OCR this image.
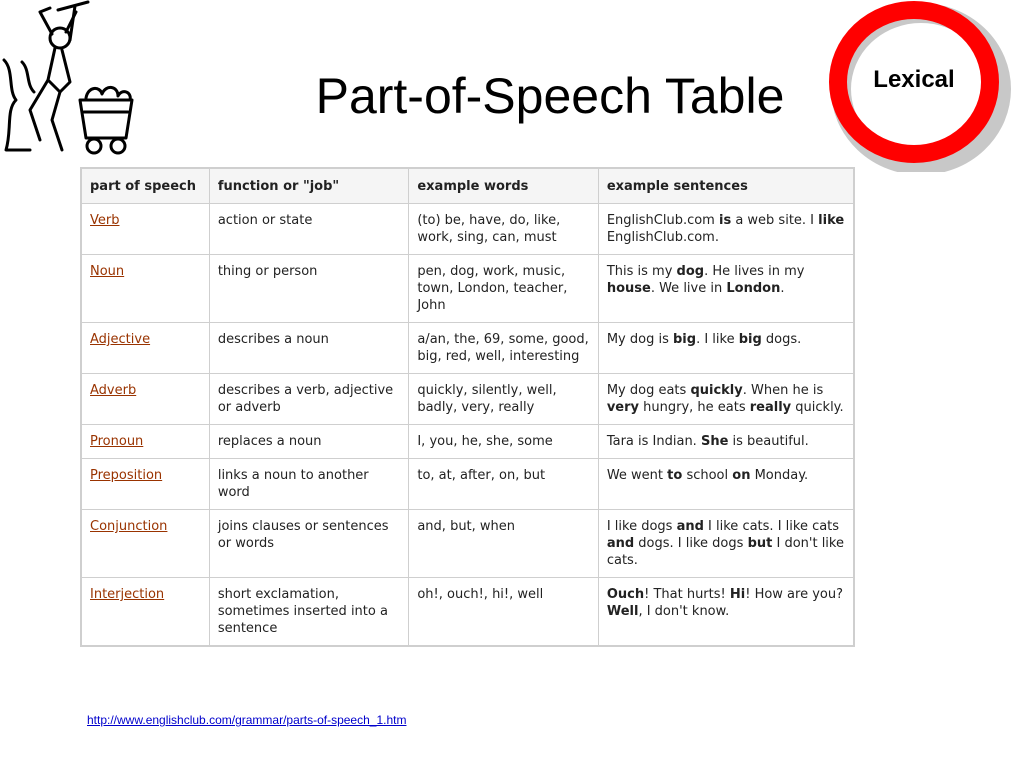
Part-of-Speech Table	Lexical
part of speech	function or "job"	example words	example sentences
Verb	action or state	(to) be, have, do, like, work, sing, can, must	EnglishClub.com is a web site. I like EnglishClub.com.
Noun	thing or person	pen, dog, work, music, town, London, teacher, John	This is my dog. He lives in my house. We live in London.
Adjective	describes a noun	a/an, the, 69, some, good, big, red, well, interesting	My dog is big. I like big dogs.
Adverb	describes a verb, adjective or adverb	quickly, silently, well, badly, very, really	My dog eats quickly. When he is very hungry, he eats really quickly.
Pronoun	replaces a noun	I, you, he, she, some	Tara is Indian. She is beautiful.
Preposition	links a noun to another word	to, at, after, on, but	We went to school on Monday.
Conjunction	joins clauses or sentences or words	and, but, when	I like dogs and I like cats. I like cats and dogs. I like dogs but I don't like cats.
Interjection	short exclamation, sometimes inserted into a sentence	oh!, ouch!, hi!, well	Ouch! That hurts! Hi! How are you? Well, I don't know.
http://www.englishclub.com/grammar/parts-of-speech_1.htm
